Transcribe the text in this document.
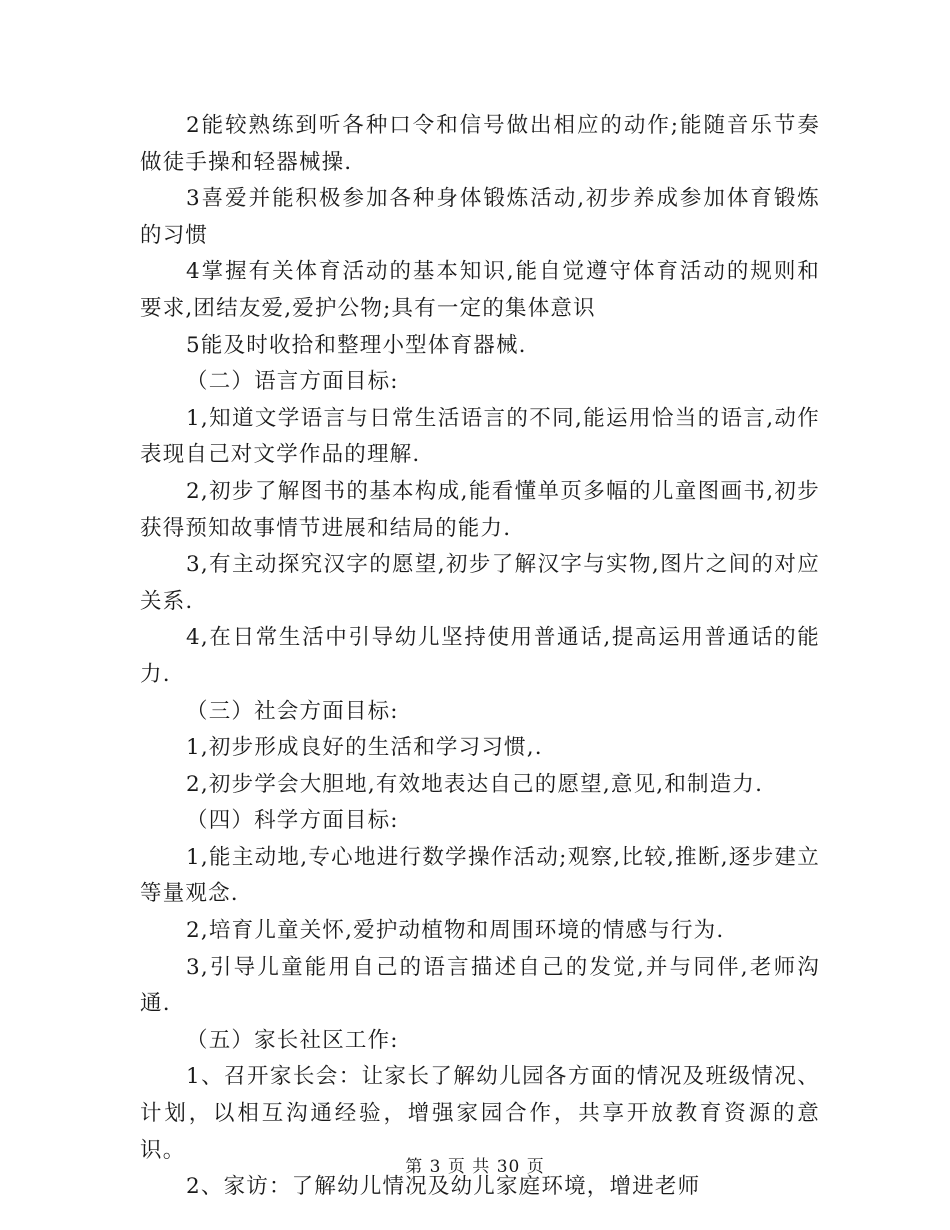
2能较熟练到听各种口令和信号做出相应的动作;能随音乐节奏做徒手操和轻器械操.

3喜爱并能积极参加各种身体锻炼活动,初步养成参加体育锻炼的习惯

4掌握有关体育活动的基本知识,能自觉遵守体育活动的规则和要求,团结友爱,爱护公物;具有一定的集体意识

5能及时收拾和整理小型体育器械.

（二）语言方面目标:

1,知道文学语言与日常生活语言的不同,能运用恰当的语言,动作表现自己对文学作品的理解.

2,初步了解图书的基本构成,能看懂单页多幅的儿童图画书,初步获得预知故事情节进展和结局的能力.

3,有主动探究汉字的愿望,初步了解汉字与实物,图片之间的对应关系.

4,在日常生活中引导幼儿坚持使用普通话,提高运用普通话的能力.

（三）社会方面目标:

1,初步形成良好的生活和学习习惯,.

2,初步学会大胆地,有效地表达自己的愿望,意见,和制造力.

（四）科学方面目标:

1,能主动地,专心地进行数学操作活动;观察,比较,推断,逐步建立等量观念.

2,培育儿童关怀,爱护动植物和周围环境的情感与行为.

3,引导儿童能用自己的语言描述自己的发觉,并与同伴,老师沟通.

（五）家长社区工作:

1、召开家长会：让家长了解幼儿园各方面的情况及班级情况、计划，以相互沟通经验，增强家园合作，共享开放教育资源的意识。

2、家访：了解幼儿情况及幼儿家庭环境，增进老师

第 3 页 共 30 页
